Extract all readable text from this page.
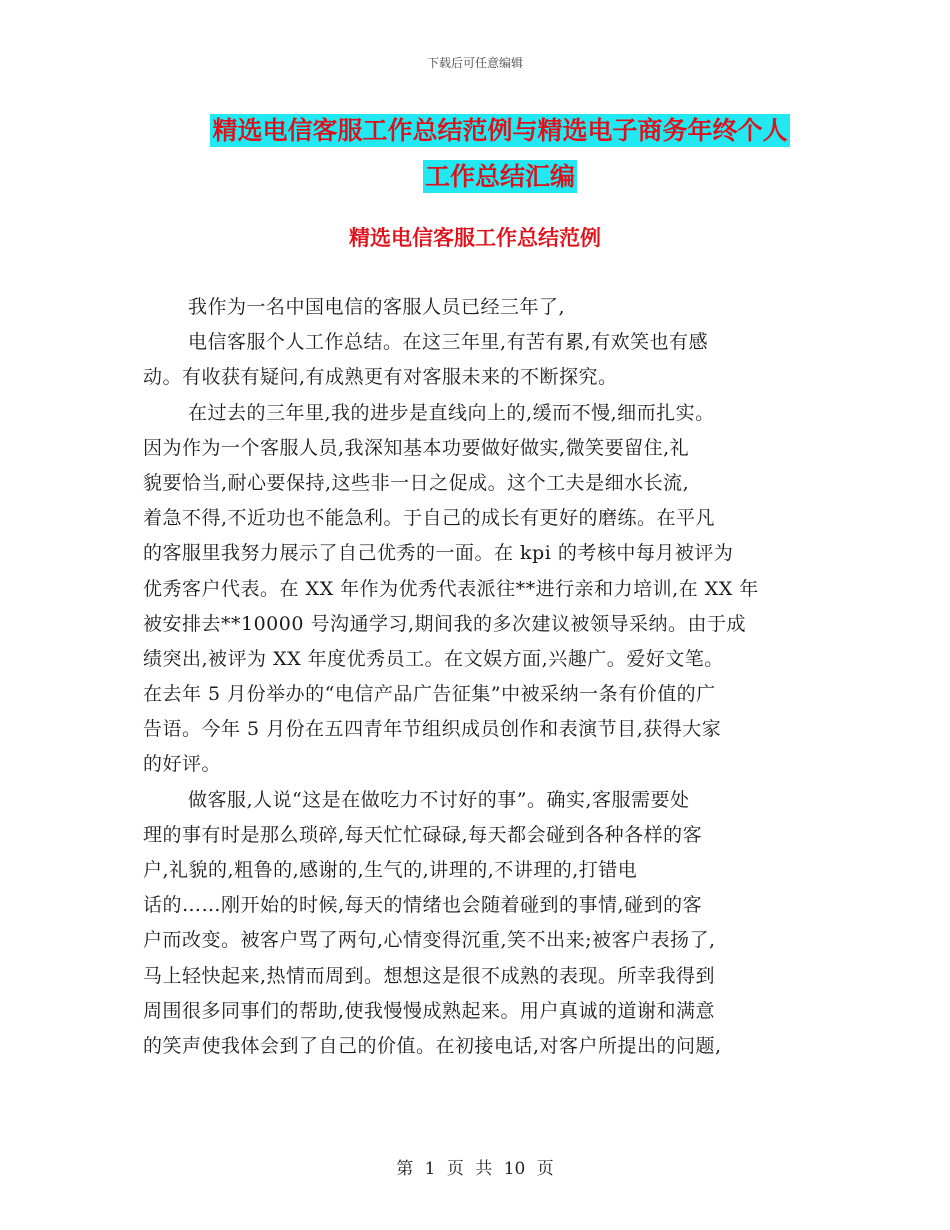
下载后可任意编辑
精选电信客服工作总结范例与精选电子商务年终个人
工作总结汇编
精选电信客服工作总结范例
我作为一名中国电信的客服人员已经三年了,
电信客服个人工作总结。在这三年里,有苦有累,有欢笑也有感
动。有收获有疑问,有成熟更有对客服未来的不断探究。
在过去的三年里,我的进步是直线向上的,缓而不慢,细而扎实。
因为作为一个客服人员,我深知基本功要做好做实,微笑要留住,礼
貌要恰当,耐心要保持,这些非一日之促成。这个工夫是细水长流,
着急不得,不近功也不能急利。于自己的成长有更好的磨练。在平凡
的客服里我努力展示了自己优秀的一面。在 kpi 的考核中每月被评为
优秀客户代表。在 XX 年作为优秀代表派往**进行亲和力培训,在 XX 年
被安排去**10000 号沟通学习,期间我的多次建议被领导采纳。由于成
绩突出,被评为 XX 年度优秀员工。在文娱方面,兴趣广。爱好文笔。
在去年 5 月份举办的“电信产品广告征集”中被采纳一条有价值的广
告语。今年 5 月份在五四青年节组织成员创作和表演节目,获得大家
的好评。
做客服,人说“这是在做吃力不讨好的事”。确实,客服需要处
理的事有时是那么琐碎,每天忙忙碌碌,每天都会碰到各种各样的客
户,礼貌的,粗鲁的,感谢的,生气的,讲理的,不讲理的,打错电
话的……刚开始的时候,每天的情绪也会随着碰到的事情,碰到的客
户而改变。被客户骂了两句,心情变得沉重,笑不出来;被客户表扬了,
马上轻快起来,热情而周到。想想这是很不成熟的表现。所幸我得到
周围很多同事们的帮助,使我慢慢成熟起来。用户真诚的道谢和满意
的笑声使我体会到了自己的价值。在初接电话,对客户所提出的问题,
第 1 页 共 10 页
